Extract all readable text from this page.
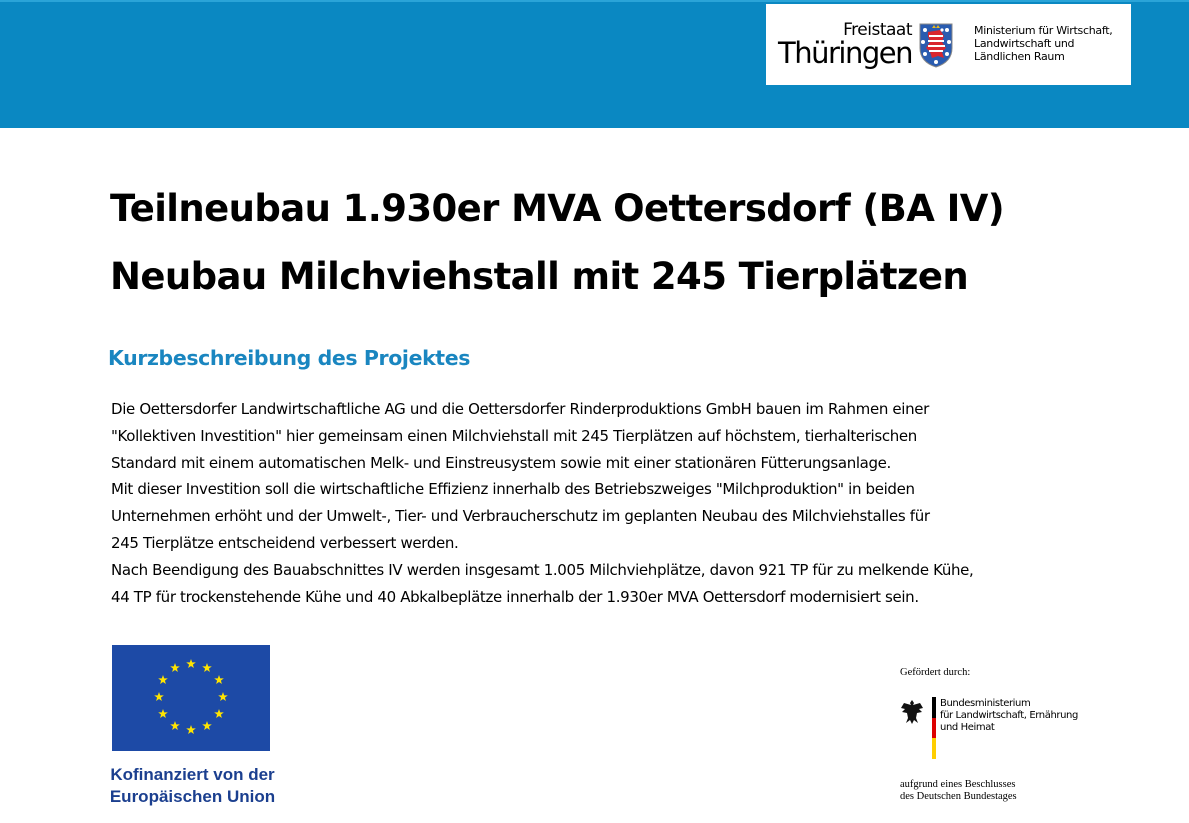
Freistaat
Thüringen
Ministerium für Wirtschaft,
Landwirtschaft und
Ländlichen Raum
Teilneubau 1.930er MVA Oettersdorf (BA IV)
Neubau Milchviehstall mit 245 Tierplätzen
Kurzbeschreibung des Projektes
Die Oettersdorfer Landwirtschaftliche AG und die Oettersdorfer Rinderproduktions GmbH bauen im Rahmen einer
"Kollektiven Investition" hier gemeinsam einen Milchviehstall mit 245 Tierplätzen auf höchstem, tierhalterischen
Standard mit einem automatischen Melk- und Einstreusystem sowie mit einer stationären Fütterungsanlage.
Mit dieser Investition soll die wirtschaftliche Effizienz innerhalb des Betriebszweiges "Milchproduktion" in beiden
Unternehmen erhöht und der Umwelt-, Tier- und Verbraucherschutz im geplanten Neubau des Milchviehstalles für
245 Tierplätze entscheidend verbessert werden.
Nach Beendigung des Bauabschnittes IV werden insgesamt 1.005 Milchviehplätze, davon 921 TP für zu melkende Kühe,
44 TP für trockenstehende Kühe und 40 Abkalbeplätze innerhalb der 1.930er MVA Oettersdorf modernisiert sein.
Kofinanziert von der
Europäischen Union
Gefördert durch:
Bundesministerium
für Landwirtschaft, Ernährung
und Heimat
aufgrund eines Beschlusses
des Deutschen Bundestages
